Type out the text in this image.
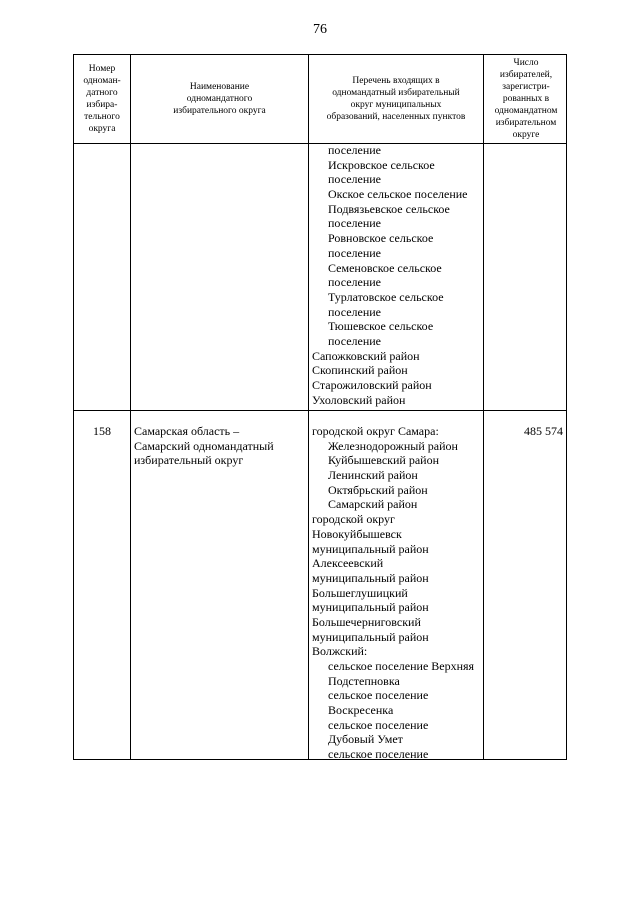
76
Номер
одноман-
датного
избира-
тельного
округа
Наименование
одномандатного
избирательного округа
Перечень входящих в
одномандатный избирательный
округ муниципальных
образований, населенных пунктов
Число
избирателей,
зарегистри-
рованных в
одномандатном
избирательном
округе
поселение
Искровское сельское
поселение
Окское сельское поселение
Подвязьевское сельское
поселение
Ровновское сельское
поселение
Семеновское сельское
поселение
Турлатовское сельское
поселение
Тюшевское сельское
поселение
Сапожковский район
Скопинский район
Старожиловский район
Ухоловский район
158	Самарская область –
Самарский одномандатный
избирательный округ
городской округ Самара:
Железнодорожный район
Куйбышевский район
Ленинский район
Октябрьский район
Самарский район
городской округ
Новокуйбышевск
муниципальный район
Алексеевский
муниципальный район
Большеглушицкий
муниципальный район
Большечерниговский
муниципальный район
Волжский:
сельское поселение Верхняя
Подстепновка
сельское поселение
Воскресенка
сельское поселение
Дубовый Умет
сельское поселение
485 574
